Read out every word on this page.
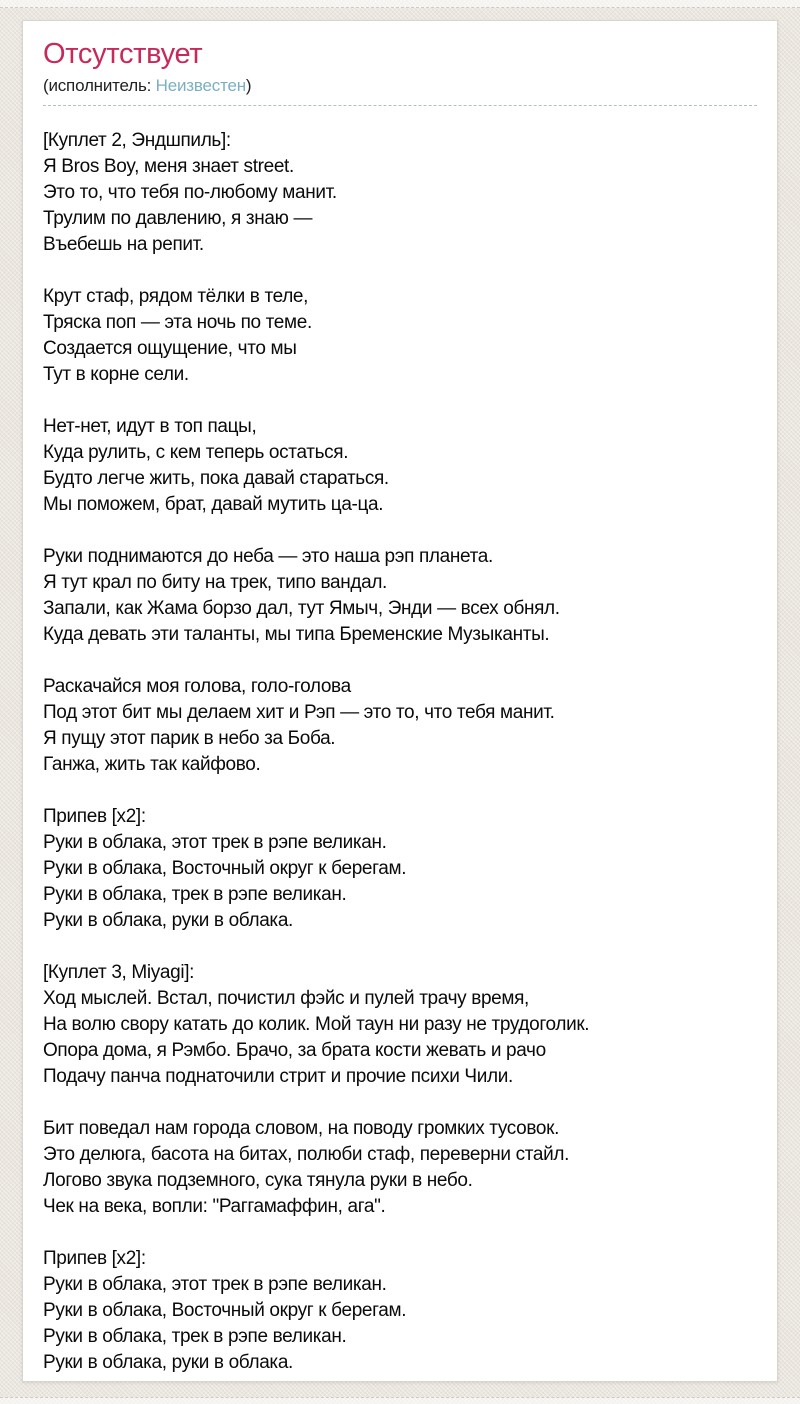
Отсутствует
(исполнитель: Неизвестен)
[Куплет 2, Эндшпиль]:
Я Bros Boy, меня знает street.
Это то, что тебя по-любому манит.
Трулим по давлению, я знаю —
Въебешь на репит.
Крут стаф, рядом тёлки в теле,
Тряска поп — эта ночь по теме.
Создается ощущение, что мы
Тут в корне сели.
Нет-нет, идут в топ пацы,
Куда рулить, с кем теперь остаться.
Будто легче жить, пока давай стараться.
Мы поможем, брат, давай мутить ца-ца.
Руки поднимаются до неба — это наша рэп планета.
Я тут крал по биту на трек, типо вандал.
Запали, как Жама борзо дал, тут Ямыч, Энди — всех обнял.
Куда девать эти таланты, мы типа Бременские Музыканты.
Раскачайся моя голова, голо-голова
Под этот бит мы делаем хит и Рэп — это то, что тебя манит.
Я пущу этот парик в небо за Боба.
Ганжа, жить так кайфово.
Припев [x2]:
Руки в облака, этот трек в рэпе великан.
Руки в облака, Восточный округ к берегам.
Руки в облака, трек в рэпе великан.
Руки в облака, руки в облака.
[Куплет 3, Miyagi]:
Ход мыслей. Встал, почистил фэйс и пулей трачу время,
На волю свору катать до колик. Мой таун ни разу не трудоголик.
Опора дома, я Рэмбо. Брачо, за брата кости жевать и рачо
Подачу панча поднаточили стрит и прочие психи Чили.
Бит поведал нам города словом, на поводу громких тусовок.
Это делюга, басота на битах, полюби стаф, переверни стайл.
Логово звука подземного, сука тянула руки в небо.
Чек на века, вопли: "Раггамаффин, ага".
Припев [x2]:
Руки в облака, этот трек в рэпе великан.
Руки в облака, Восточный округ к берегам.
Руки в облака, трек в рэпе великан.
Руки в облака, руки в облака.
